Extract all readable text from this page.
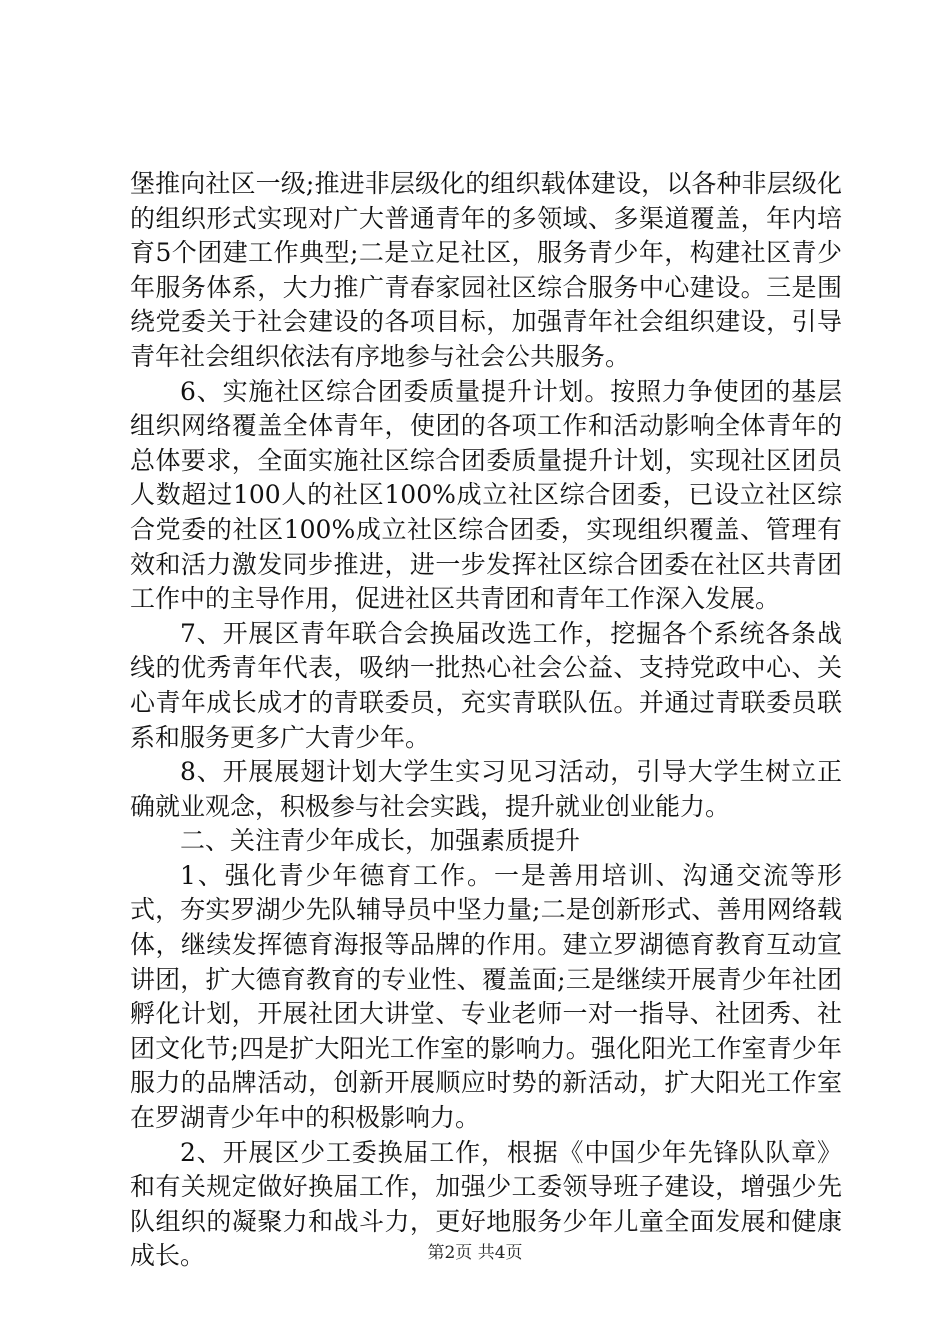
堡推向社区一级;推进非层级化的组织载体建设，以各种非层级化的组织形式实现对广大普通青年的多领域、多渠道覆盖，年内培育5个团建工作典型;二是立足社区，服务青少年，构建社区青少年服务体系，大力推广青春家园社区综合服务中心建设。三是围绕党委关于社会建设的各项目标，加强青年社会组织建设，引导青年社会组织依法有序地参与社会公共服务。

6、实施社区综合团委质量提升计划。按照力争使团的基层组织网络覆盖全体青年，使团的各项工作和活动影响全体青年的总体要求，全面实施社区综合团委质量提升计划，实现社区团员人数超过100人的社区100%成立社区综合团委，已设立社区综合党委的社区100%成立社区综合团委，实现组织覆盖、管理有效和活力激发同步推进，进一步发挥社区综合团委在社区共青团工作中的主导作用，促进社区共青团和青年工作深入发展。

7、开展区青年联合会换届改选工作，挖掘各个系统各条战线的优秀青年代表，吸纳一批热心社会公益、支持党政中心、关心青年成长成才的青联委员，充实青联队伍。并通过青联委员联系和服务更多广大青少年。

8、开展展翅计划大学生实习见习活动，引导大学生树立正确就业观念，积极参与社会实践，提升就业创业能力。

二、关注青少年成长，加强素质提升

1、强化青少年德育工作。一是善用培训、沟通交流等形式，夯实罗湖少先队辅导员中坚力量;二是创新形式、善用网络载体，继续发挥德育海报等品牌的作用。建立罗湖德育教育互动宣讲团，扩大德育教育的专业性、覆盖面;三是继续开展青少年社团孵化计划，开展社团大讲堂、专业老师一对一指导、社团秀、社团文化节;四是扩大阳光工作室的影响力。强化阳光工作室青少年服力的品牌活动，创新开展顺应时势的新活动，扩大阳光工作室在罗湖青少年中的积极影响力。

2、开展区少工委换届工作，根据《中国少年先锋队队章》和有关规定做好换届工作，加强少工委领导班子建设，增强少先队组织的凝聚力和战斗力，更好地服务少年儿童全面发展和健康成长。	第2页 共4页
